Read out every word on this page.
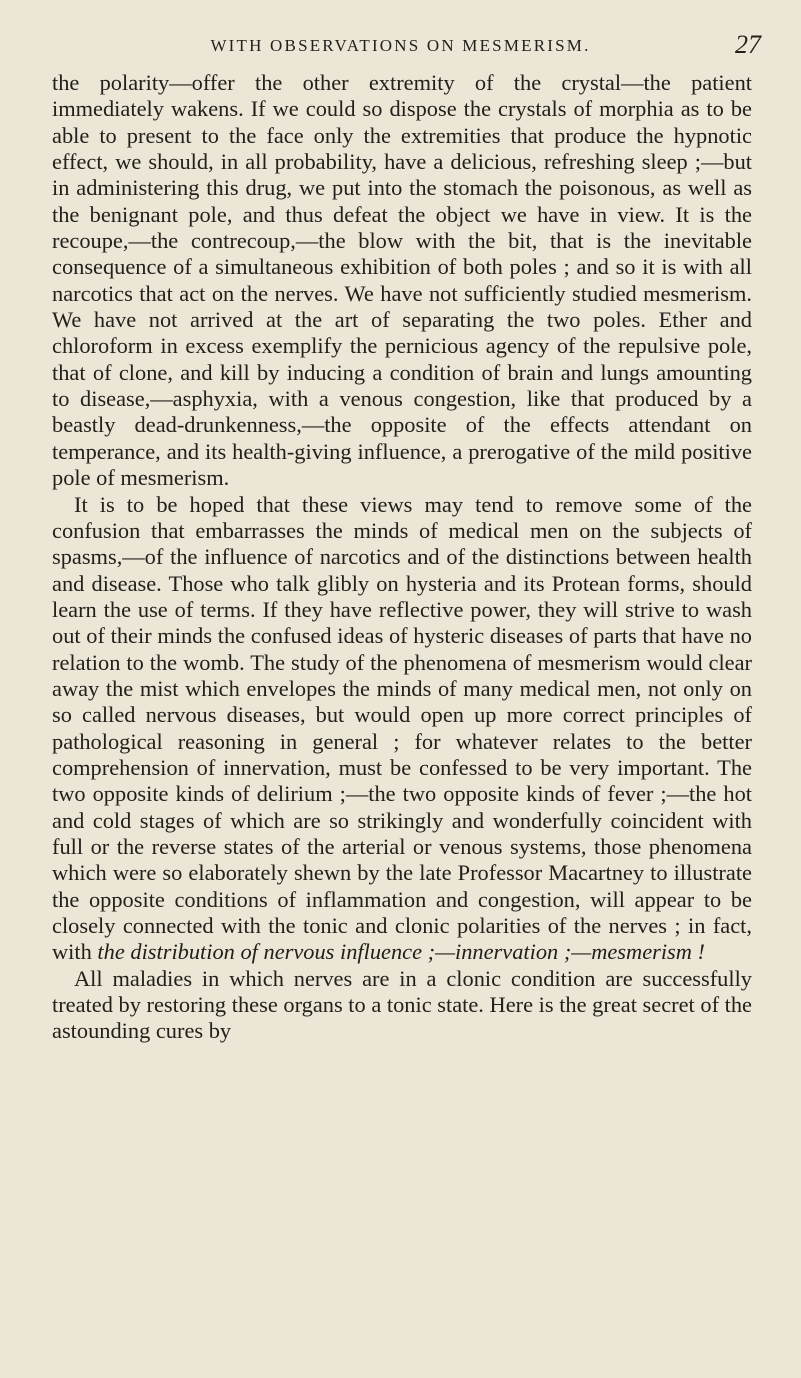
WITH OBSERVATIONS ON MESMERISM.	27

the polarity—offer the other extremity of the crystal—the patient immediately wakens. If we could so dispose the crystals of morphia as to be able to present to the face only the extremities that produce the hypnotic effect, we should, in all probability, have a delicious, refreshing sleep ;—but in administering this drug, we put into the stomach the poisonous, as well as the benignant pole, and thus defeat the object we have in view. It is the recoupe,—the contrecoup,—the blow with the bit, that is the inevitable consequence of a simultaneous exhibition of both poles ; and so it is with all narcotics that act on the nerves. We have not sufficiently studied mesmerism. We have not arrived at the art of separating the two poles. Ether and chloroform in excess exemplify the pernicious agency of the repulsive pole, that of clone, and kill by inducing a condition of brain and lungs amounting to disease,—asphyxia, with a venous congestion, like that produced by a beastly dead-drunkenness,—the opposite of the effects attendant on temperance, and its health-giving influence, a prerogative of the mild positive pole of mesmerism.

It is to be hoped that these views may tend to remove some of the confusion that embarrasses the minds of medical men on the subjects of spasms,—of the influence of narcotics and of the distinctions between health and disease. Those who talk glibly on hysteria and its Protean forms, should learn the use of terms. If they have reflective power, they will strive to wash out of their minds the confused ideas of hysteric diseases of parts that have no relation to the womb. The study of the phenomena of mesmerism would clear away the mist which envelopes the minds of many medical men, not only on so called nervous diseases, but would open up more correct principles of pathological reasoning in general ; for whatever relates to the better comprehension of innervation, must be confessed to be very important. The two opposite kinds of delirium ;—the two opposite kinds of fever ;—the hot and cold stages of which are so strikingly and wonderfully coincident with full or the reverse states of the arterial or venous systems, those phenomena which were so elaborately shewn by the late Professor Macartney to illustrate the opposite conditions of inflammation and congestion, will appear to be closely connected with the tonic and clonic polarities of the nerves ; in fact, with the distribution of nervous influence ;—innervation ;—mesmerism !

All maladies in which nerves are in a clonic condition are successfully treated by restoring these organs to a tonic state. Here is the great secret of the astounding cures by
